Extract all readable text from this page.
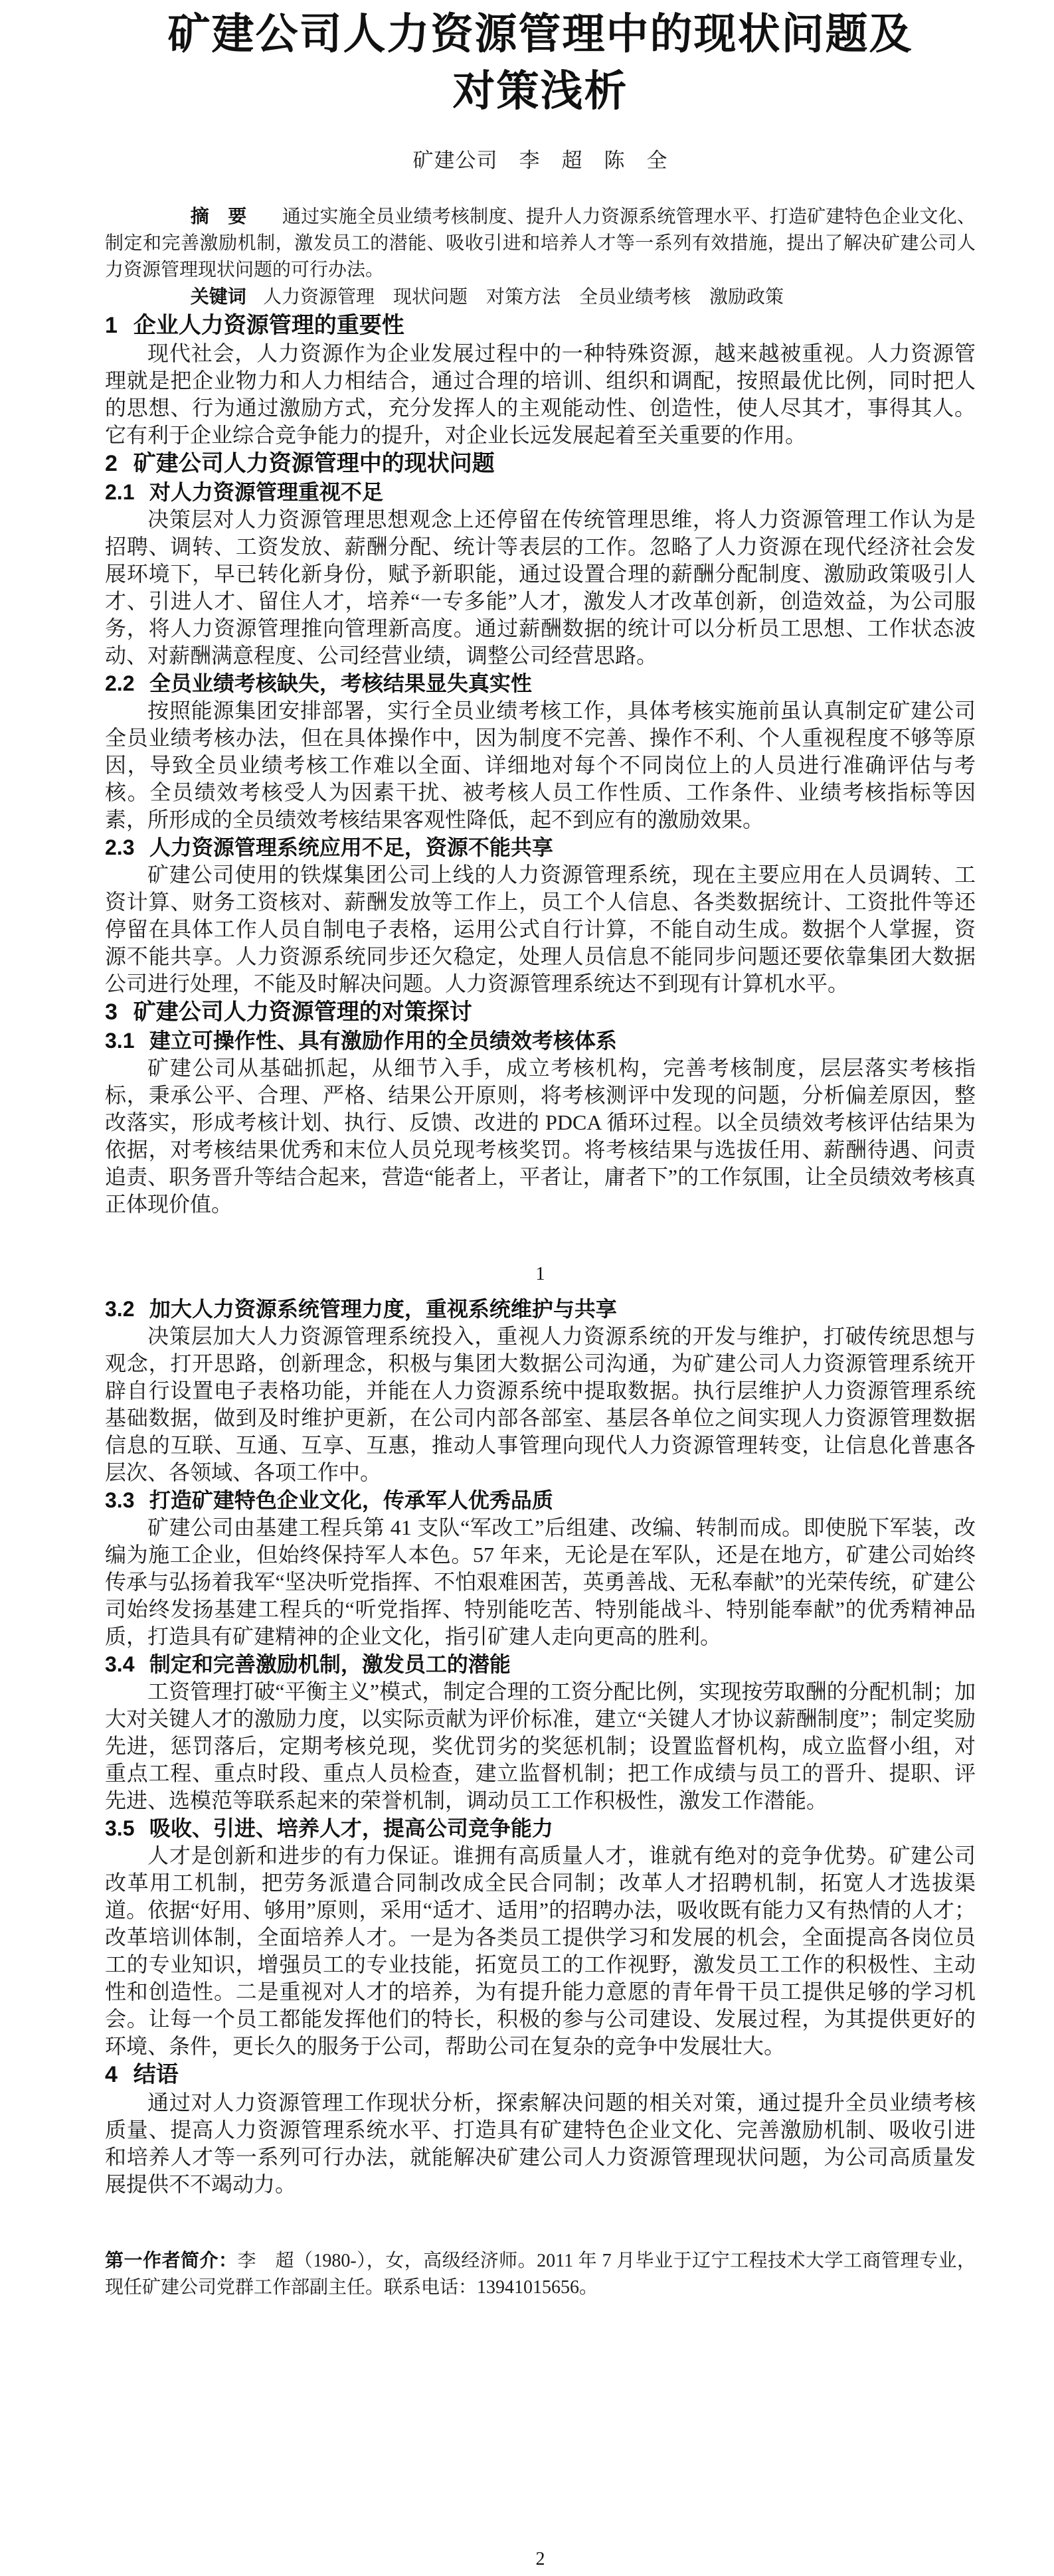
矿建公司人力资源管理中的现状问题及对策浅析
矿建公司　李　超　陈　全

摘　要 通过实施全员业绩考核制度、提升人力资源系统管理水平、打造矿建特色企业文化、制定和完善激励机制，激发员工的潜能、吸收引进和培养人才等一系列有效措施，提出了解决矿建公司人力资源管理现状问题的可行办法。

关键词 人力资源管理　现状问题　对策方法　全员业绩考核　激励政策

1 企业人力资源管理的重要性

现代社会，人力资源作为企业发展过程中的一种特殊资源，越来越被重视。人力资源管理就是把企业物力和人力相结合，通过合理的培训、组织和调配，按照最优比例，同时把人的思想、行为通过激励方式，充分发挥人的主观能动性、创造性，使人尽其才，事得其人。它有利于企业综合竞争能力的提升，对企业长远发展起着至关重要的作用。

2 矿建公司人力资源管理中的现状问题
2.1 对人力资源管理重视不足

决策层对人力资源管理思想观念上还停留在传统管理思维，将人力资源管理工作认为是招聘、调转、工资发放、薪酬分配、统计等表层的工作。忽略了人力资源在现代经济社会发展环境下，早已转化新身份，赋予新职能，通过设置合理的薪酬分配制度、激励政策吸引人才、引进人才、留住人才，培养“一专多能”人才，激发人才改革创新，创造效益，为公司服务，将人力资源管理推向管理新高度。通过薪酬数据的统计可以分析员工思想、工作状态波动、对薪酬满意程度、公司经营业绩，调整公司经营思路。

2.2 全员业绩考核缺失，考核结果显失真实性

按照能源集团安排部署，实行全员业绩考核工作，具体考核实施前虽认真制定矿建公司全员业绩考核办法，但在具体操作中，因为制度不完善、操作不利、个人重视程度不够等原因，导致全员业绩考核工作难以全面、详细地对每个不同岗位上的人员进行准确评估与考核。全员绩效考核受人为因素干扰、被考核人员工作性质、工作条件、业绩考核指标等因素，所形成的全员绩效考核结果客观性降低，起不到应有的激励效果。

2.3 人力资源管理系统应用不足，资源不能共享

矿建公司使用的铁煤集团公司上线的人力资源管理系统，现在主要应用在人员调转、工资计算、财务工资核对、薪酬发放等工作上，员工个人信息、各类数据统计、工资批件等还停留在具体工作人员自制电子表格，运用公式自行计算，不能自动生成。数据个人掌握，资源不能共享。人力资源系统同步还欠稳定，处理人员信息不能同步问题还要依靠集团大数据公司进行处理，不能及时解决问题。人力资源管理系统达不到现有计算机水平。

3 矿建公司人力资源管理的对策探讨
3.1 建立可操作性、具有激励作用的全员绩效考核体系

矿建公司从基础抓起，从细节入手，成立考核机构，完善考核制度，层层落实考核指标，秉承公平、合理、严格、结果公开原则，将考核测评中发现的问题，分析偏差原因，整改落实，形成考核计划、执行、反馈、改进的 PDCA 循环过程。以全员绩效考核评估结果为依据，对考核结果优秀和末位人员兑现考核奖罚。将考核结果与选拔任用、薪酬待遇、问责追责、职务晋升等结合起来，营造“能者上，平者让，庸者下”的工作氛围，让全员绩效考核真正体现价值。

1
3.2 加大人力资源系统管理力度，重视系统维护与共享

决策层加大人力资源管理系统投入，重视人力资源系统的开发与维护，打破传统思想与观念，打开思路，创新理念，积极与集团大数据公司沟通，为矿建公司人力资源管理系统开辟自行设置电子表格功能，并能在人力资源系统中提取数据。执行层维护人力资源管理系统基础数据，做到及时维护更新，在公司内部各部室、基层各单位之间实现人力资源管理数据信息的互联、互通、互享、互惠，推动人事管理向现代人力资源管理转变，让信息化普惠各层次、各领域、各项工作中。

3.3 打造矿建特色企业文化，传承军人优秀品质

矿建公司由基建工程兵第 41 支队“军改工”后组建、改编、转制而成。即使脱下军装，改编为施工企业，但始终保持军人本色。57 年来，无论是在军队，还是在地方，矿建公司始终传承与弘扬着我军“坚决听党指挥、不怕艰难困苦，英勇善战、无私奉献”的光荣传统，矿建公司始终发扬基建工程兵的“听党指挥、特别能吃苦、特别能战斗、特别能奉献”的优秀精神品质，打造具有矿建精神的企业文化，指引矿建人走向更高的胜利。

3.4 制定和完善激励机制，激发员工的潜能

工资管理打破“平衡主义”模式，制定合理的工资分配比例，实现按劳取酬的分配机制；加大对关键人才的激励力度，以实际贡献为评价标准，建立“关键人才协议薪酬制度”；制定奖励先进，惩罚落后，定期考核兑现，奖优罚劣的奖惩机制；设置监督机构，成立监督小组，对重点工程、重点时段、重点人员检查，建立监督机制；把工作成绩与员工的晋升、提职、评先进、选模范等联系起来的荣誉机制，调动员工工作积极性，激发工作潜能。

3.5 吸收、引进、培养人才，提高公司竞争能力

人才是创新和进步的有力保证。谁拥有高质量人才，谁就有绝对的竞争优势。矿建公司改革用工机制，把劳务派遣合同制改成全民合同制；改革人才招聘机制，拓宽人才选拔渠道。依据“好用、够用”原则，采用“适才、适用”的招聘办法，吸收既有能力又有热情的人才；改革培训体制，全面培养人才。一是为各类员工提供学习和发展的机会，全面提高各岗位员工的专业知识，增强员工的专业技能，拓宽员工的工作视野，激发员工工作的积极性、主动性和创造性。二是重视对人才的培养，为有提升能力意愿的青年骨干员工提供足够的学习机会。让每一个员工都能发挥他们的特长，积极的参与公司建设、发展过程，为其提供更好的环境、条件，更长久的服务于公司，帮助公司在复杂的竞争中发展壮大。

4 结语

通过对人力资源管理工作现状分析，探索解决问题的相关对策，通过提升全员业绩考核质量、提高人力资源管理系统水平、打造具有矿建特色企业文化、完善激励机制、吸收引进和培养人才等一系列可行办法，就能解决矿建公司人力资源管理现状问题，为公司高质量发展提供不不竭动力。

第一作者简介：李　超（1980-），女，高级经济师。2011 年 7 月毕业于辽宁工程技术大学工商管理专业，现任矿建公司党群工作部副主任。联系电话：13941015656。

2
